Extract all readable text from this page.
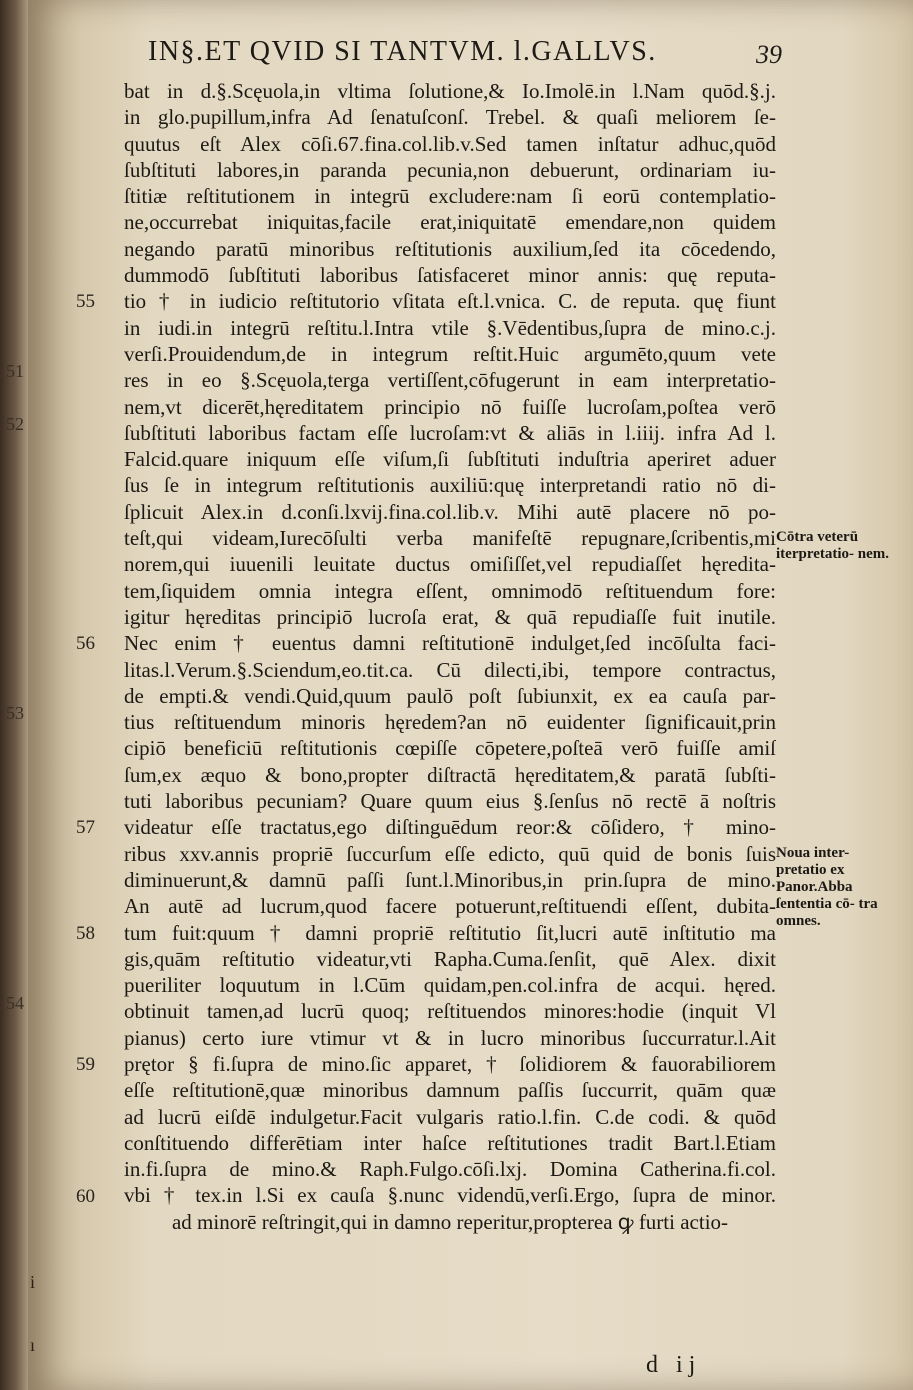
IN§.ET QVID SI TANTVM. l.GALLVS.	39
bat in d.§.Scęuola,in vltima ſolutione,& Io.Imolē.in l.Nam quōd.§.j.
in glo.pupillum,infra Ad ſenatuſconſ. Trebel. & quaſi meliorem ſe-
quutus eſt Alex cōſi.67.fina.col.lib.v.Sed tamen inſtatur adhuc,quōd
ſubſtituti labores,in paranda pecunia,non debuerunt, ordinariam iu-
ſtitiæ reſtitutionem in integrū excludere:nam ſi eorū contemplatio-
ne,occurrebat iniquitas,facile erat,iniquitatē emendare,non quidem
negando paratū minoribus reſtitutionis auxilium,ſed ita cōcedendo,
dummodō ſubſtituti laboribus ſatisfaceret minor annis: quę reputa-
tio † in iudicio reſtitutorio vſitata eſt.l.vnica. C. de reputa. quę fiunt
in iudi.in integrū reſtitu.l.Intra vtile §.Vēdentibus,ſupra de mino.c.j.
verſi.Prouidendum,de in integrum reſtit.Huic argumēto,quum vete
res in eo §.Scęuola,terga vertiſſent,cōfugerunt in eam interpretatio-
nem,vt dicerēt,hęreditatem principio nō fuiſſe lucroſam,poſtea verō
ſubſtituti laboribus factam eſſe lucroſam:vt & aliās in l.iiij. infra Ad l.
Falcid.quare iniquum eſſe viſum,ſi ſubſtituti induſtria aperiret aduer
ſus ſe in integrum reſtitutionis auxiliū:quę interpretandi ratio nō di-
ſplicuit Alex.in d.conſi.lxvij.fina.col.lib.v. Mihi autē placere nō po-
teſt,qui videam,Iurecōſulti verba manifeſtē repugnare,ſcribentis,mi
norem,qui iuuenili leuitate ductus omiſiſſet,vel repudiaſſet hęredita-
tem,ſiquidem omnia integra eſſent, omnimodō reſtituendum fore:
igitur hęreditas principiō lucroſa erat, & quā repudiaſſe fuit inutile.
Nec enim † euentus damni reſtitutionē indulget,ſed incōſulta faci-
litas.l.Verum.§.Sciendum,eo.tit.ca. Cū dilecti,ibi, tempore contractus,
de empti.& vendi.Quid,quum paulō poſt ſubiunxit, ex ea cauſa par-
tius reſtituendum minoris hęredem?an nō euidenter ſignificauit,prin
cipiō beneficiū reſtitutionis cœpiſſe cōpetere,poſteā verō fuiſſe amiſ
ſum,ex æquo & bono,propter diſtractā hęreditatem,& paratā ſubſti-
tuti laboribus pecuniam? Quare quum eius §.ſenſus nō rectē ā noſtris
videatur eſſe tractatus,ego diſtinguēdum reor:& cōſidero, † mino-
ribus xxv.annis propriē ſuccurſum eſſe edicto, quū quid de bonis ſuis
diminuerunt,& damnū paſſi ſunt.l.Minoribus,in prin.ſupra de mino.
An autē ad lucrum,quod facere potuerunt,reſtituendi eſſent, dubita-
tum fuit:quum † damni propriē reſtitutio ſit,lucri autē inſtitutio ma
gis,quām reſtitutio videatur,vti Rapha.Cuma.ſenſit, quē Alex. dixit
pueriliter loquutum in l.Cūm quidam,pen.col.infra de acqui. hęred.
obtinuit tamen,ad lucrū quoq; reſtituendos minores:hodie (inquit Vl
pianus) certo iure vtimur vt & in lucro minoribus ſuccurratur.l.Ait
prętor § fi.ſupra de mino.ſic apparet, † ſolidiorem & fauorabiliorem
eſſe reſtitutionē,quæ minoribus damnum paſſis ſuccurrit, quām quæ
ad lucrū eiſdē indulgetur.Facit vulgaris ratio.l.fin. C.de codi. & quōd
conſtituendo differētiam inter haſce reſtitutiones tradit Bart.l.Etiam
in.fi.ſupra de mino.& Raph.Fulgo.cōſi.lxj. Domina Catherina.fi.col.
vbi † tex.in l.Si ex cauſa §.nunc videndū,verſi.Ergo, ſupra de minor.
ad minorē reſtringit,qui in damno reperitur,propterea ꝙ furti actio-
55
56
57
58
59
60
51
52
53
54
Cōtra veterū iterpretatio- nem.
Noua inter- pretatio ex Panor.Abba ſententia cō- tra omnes.
i
ı
d ij
